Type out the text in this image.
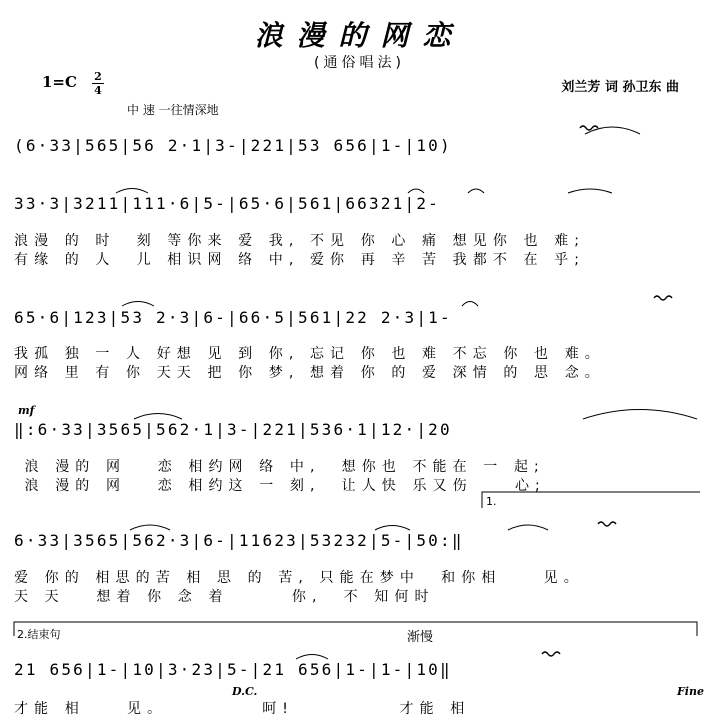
浪漫的网恋
(通俗唱法)
1=C 2
4	刘兰芳 词 孙卫东 曲
中 速 一往情深地
(6·33|565|56 2·1|3-|221|53 656|1-|10)
33·3|3211|111·6|5-|65·6|561|66321|2-
浪漫 的 时  刻 等你来 爱 我, 不见 你 心 痛 想见你 也 难;
有缘 的 人  儿 相识网 络 中, 爱你 再 辛 苦 我都不 在 乎;
65·6|123|53 2·3|6-|66·5|561|22 2·3|1-
我孤 独 一 人 好想 见 到 你, 忘记 你 也 难 不忘 你 也 难。
网络 里 有 你 天天 把 你 梦, 想着 你 的 爱 深情 的 思 念。
mf
‖:6·33|3565|562·1|3-|221|536·1|12·|20
浪 漫的 网   恋 相约网 络 中,  想你也 不能在 一 起;
浪 漫的 网   恋 相约这 一 刻,  让人快 乐又伤    心;
1.
6·33|3565|562·3|6-|11623|53232|5-|50:‖
爱 你的 相思的苦 相 思 的 苦, 只能在梦中  和你相    见。
天 天   想着 你 念 着      你,  不 知何时
2.结束句	渐慢
21 656|1-|10|3·23|5-|21 656|1-|1-|10‖
D.C.	Fine
才能 相    见。         呵!          才能 相
